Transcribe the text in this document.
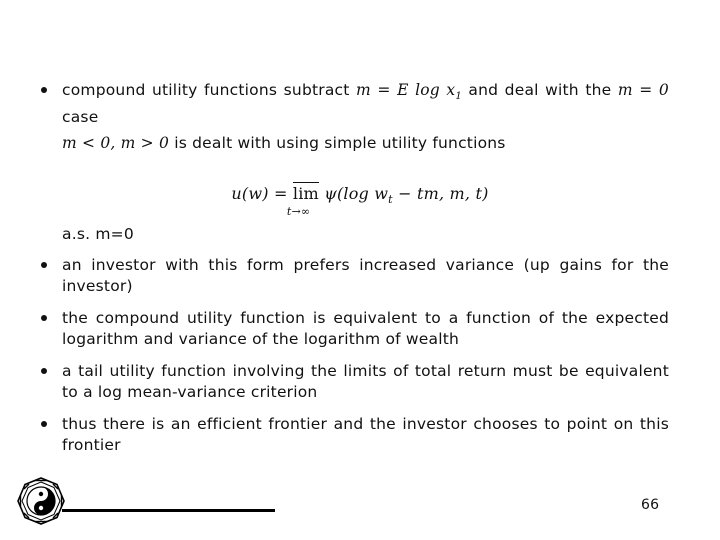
compound utility functions subtract m = E $\log x_1$ and deal with the m = 0 case
m < 0, m > 0 is dealt with using simple utility functions
u(w) = lim
t→∞
ψ(log $w_t$ − tm, m, t)
a.s. m=0
an investor with this form prefers increased variance (up gains for the investor)
the compound utility function is equivalent to a function of the expected logarithm and variance of the logarithm of wealth
a tail utility function involving the limits of total return must be equivalent to a log mean-variance criterion
thus there is an efficient frontier and the investor chooses to point on this frontier
66
